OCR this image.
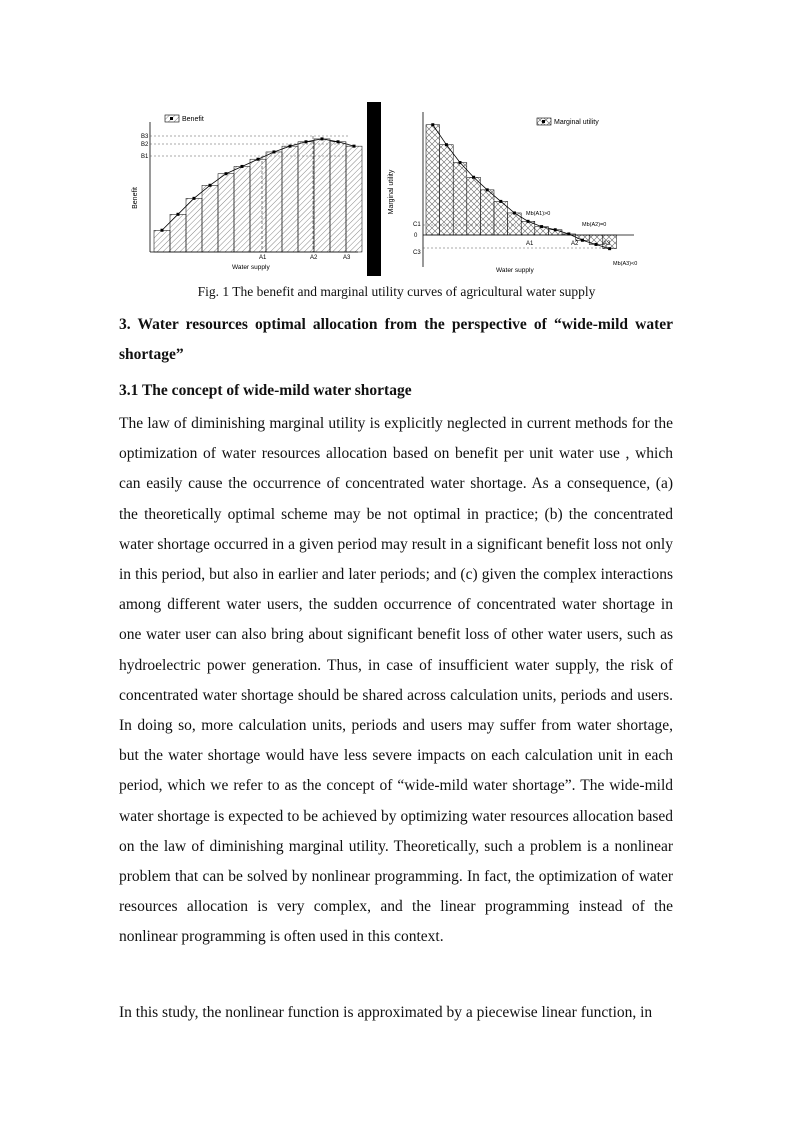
Benefit
B3
B2
B1
A1	A2	A3
Water supply
Benefit
Marginal utility
C1
0
C3
A1	A2	A3
Mb(A1)>0
Mb(A2)=0
Mb(A3)<0
Water supply
Marginal utility
Fig. 1 The benefit and marginal utility curves of agricultural water supply
3. Water resources optimal allocation from the perspective of “wide-mild water shortage”
3.1 The concept of wide-mild water shortage

The law of diminishing marginal utility is explicitly neglected in current methods for the optimization of water resources allocation based on benefit per unit water use , which can easily cause the occurrence of concentrated water shortage. As a consequence, (a) the theoretically optimal scheme may be not optimal in practice; (b) the concentrated water shortage occurred in a given period may result in a significant benefit loss not only in this period, but also in earlier and later periods; and (c) given the complex interactions among different water users, the sudden occurrence of concentrated water shortage in one water user can also bring about significant benefit loss of other water users, such as hydroelectric power generation. Thus, in case of insufficient water supply, the risk of concentrated water shortage should be shared across calculation units, periods and users. In doing so, more calculation units, periods and users may suffer from water shortage, but the water shortage would have less severe impacts on each calculation unit in each period, which we refer to as the concept of “wide-mild water shortage”. The wide-mild water shortage is expected to be achieved by optimizing water resources allocation based on the law of diminishing marginal utility. Theoretically, such a problem is a nonlinear problem that can be solved by nonlinear programming. In fact, the optimization of water resources allocation is very complex, and the linear programming instead of the nonlinear programming is often used in this context.

In this study, the nonlinear function is approximated by a piecewise linear function, in
